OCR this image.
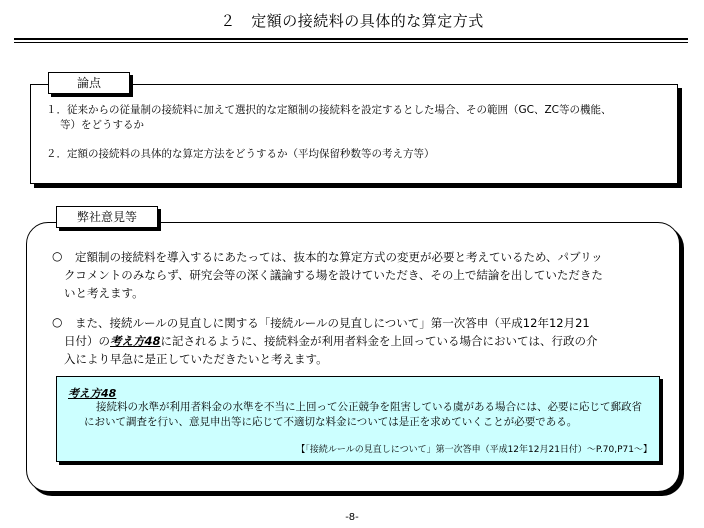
２　定額の接続料の具体的な算定方式
論点
１．従来からの従量制の接続料に加えて選択的な定額制の接続料を設定するとした場合、その範囲（GC、ZC等の機能、
等）をどうするか
２．定額の接続料の具体的な算定方法をどうするか（平均保留秒数等の考え方等）
弊社意見等
○ 定額制の接続料を導入するにあたっては、抜本的な算定方式の変更が必要と考えているため、パブリッ
クコメントのみならず、研究会等の深く議論する場を設けていただき、その上で結論を出していただきた
いと考えます。
○ また、接続ルールの見直しに関する「接続ルールの見直しについて」第一次答申（平成12年12月21
日付）の考え方48に記されるように、接続料金が利用者料金を上回っている場合においては、行政の介
入により早急に是正していただきたいと考えます。
考え方48
接続料の水準が利用者料金の水準を不当に上回って公正競争を阻害している虞がある場合には、必要に応じて郵政省において調査を行い、意見申出等に応じて不適切な料金については是正を求めていくことが必要である。
【「接続ルールの見直しについて」第一次答申（平成12年12月21日付）～P.70,P71～】
-8-
